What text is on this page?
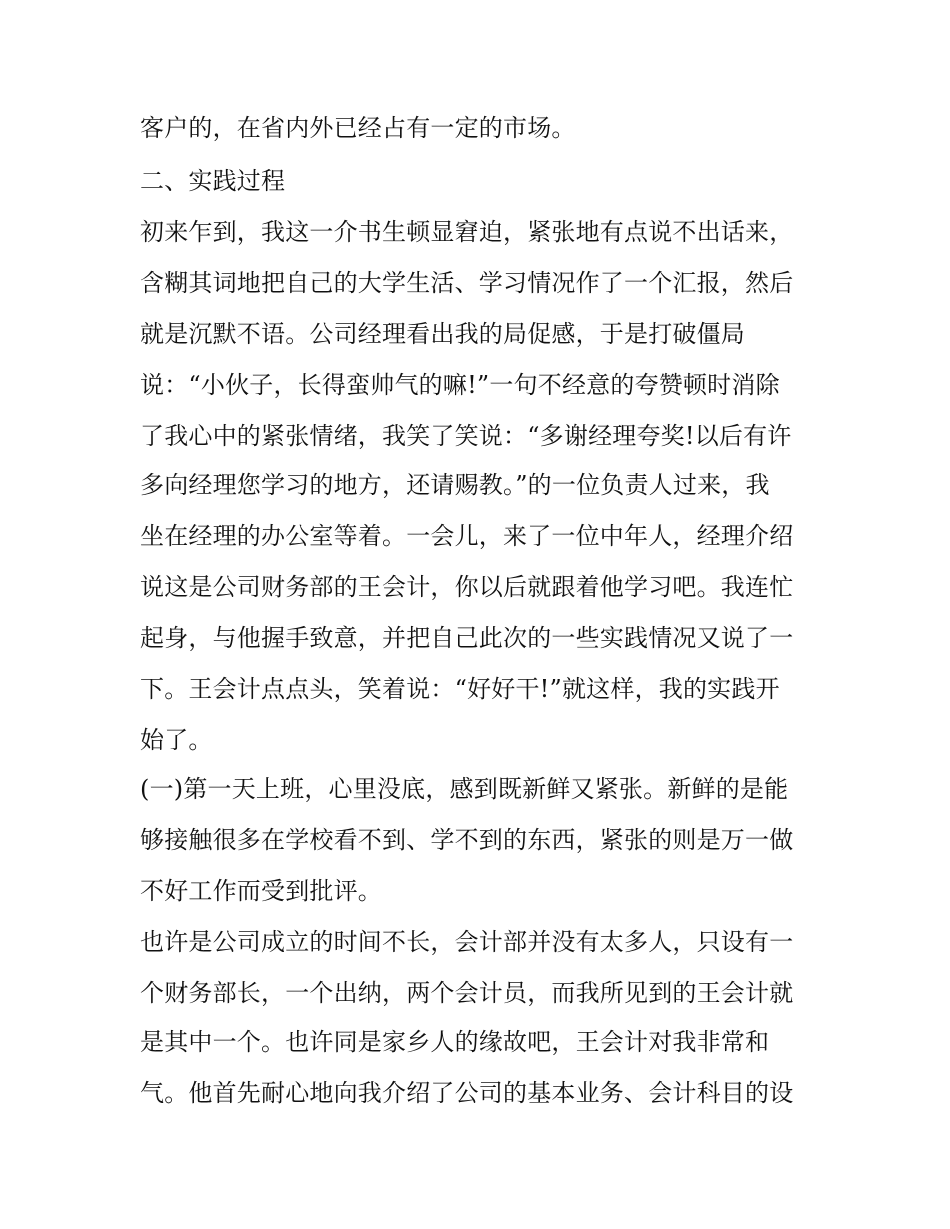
客户的，在省内外已经占有一定的市场。
二、实践过程
初来乍到，我这一介书生顿显窘迫，紧张地有点说不出话来，
含糊其词地把自己的大学生活、学习情况作了一个汇报，然后
就是沉默不语。公司经理看出我的局促感，于是打破僵局
说：“小伙子，长得蛮帅气的嘛!”一句不经意的夸赞顿时消除
了我心中的紧张情绪，我笑了笑说：“多谢经理夸奖!以后有许
多向经理您学习的地方，还请赐教。”的一位负责人过来，我
坐在经理的办公室等着。一会儿，来了一位中年人，经理介绍
说这是公司财务部的王会计，你以后就跟着他学习吧。我连忙
起身，与他握手致意，并把自己此次的一些实践情况又说了一
下。王会计点点头，笑着说：“好好干!”就这样，我的实践开
始了。
(一)第一天上班，心里没底，感到既新鲜又紧张。新鲜的是能
够接触很多在学校看不到、学不到的东西，紧张的则是万一做
不好工作而受到批评。
也许是公司成立的时间不长，会计部并没有太多人，只设有一
个财务部长，一个出纳，两个会计员，而我所见到的王会计就
是其中一个。也许同是家乡人的缘故吧，王会计对我非常和
气。他首先耐心地向我介绍了公司的基本业务、会计科目的设
